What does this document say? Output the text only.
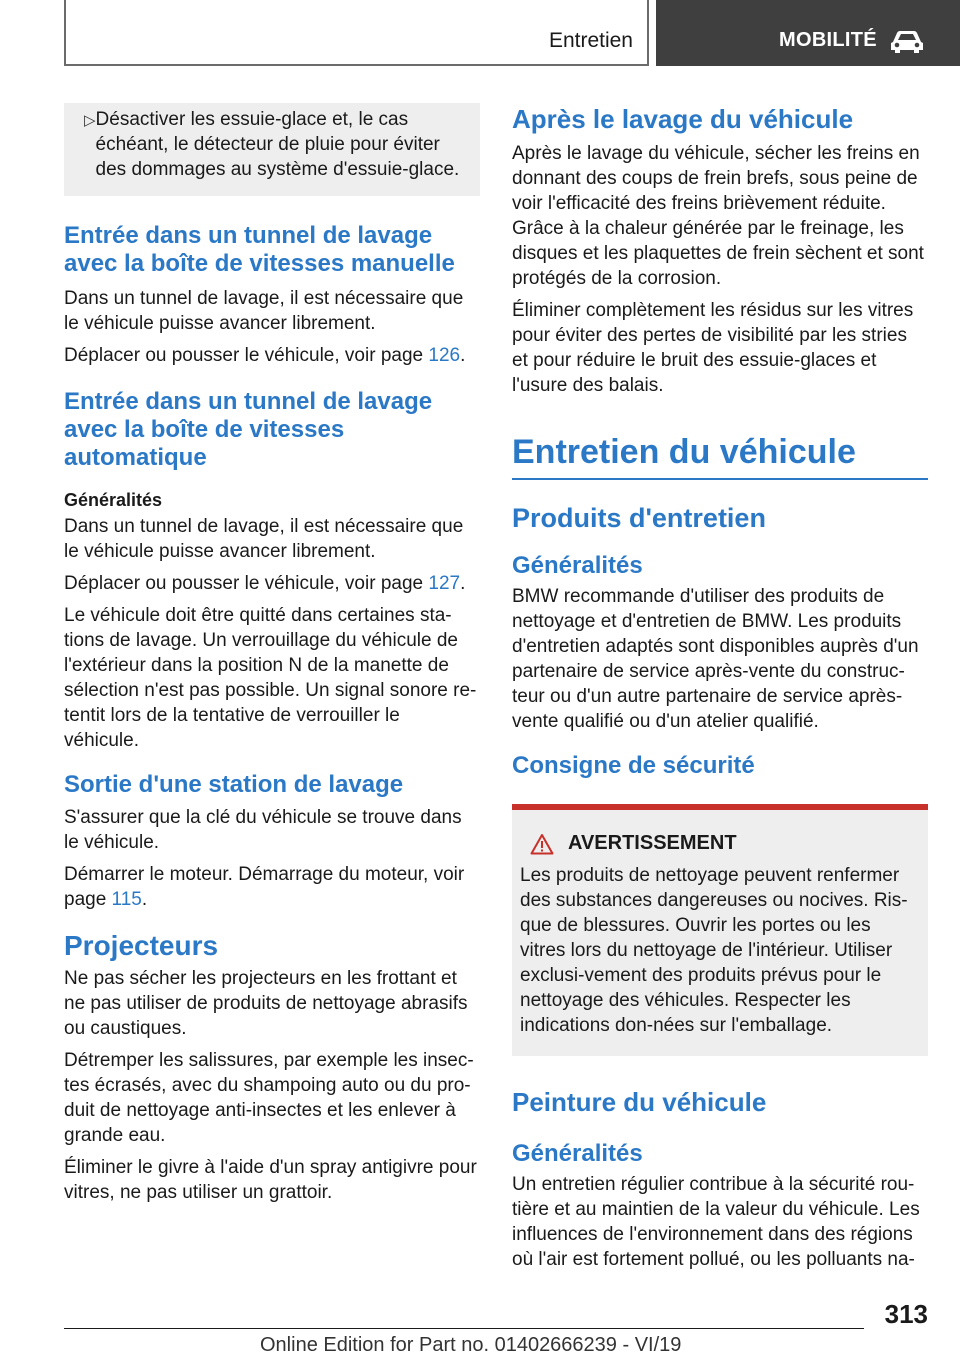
Entretien	MOBILITÉ
▷ Désactiver les essuie-glace et, le cas échéant, le détecteur de pluie pour éviter des dommages au système d'essuie-glace.

Entrée dans un tunnel de lavage avec la boîte de vitesses manuelle

Dans un tunnel de lavage, il est nécessaire que le véhicule puisse avancer librement.

Déplacer ou pousser le véhicule, voir page 126.

Entrée dans un tunnel de lavage avec la boîte de vitesses automatique
Généralités

Dans un tunnel de lavage, il est nécessaire que le véhicule puisse avancer librement.

Déplacer ou pousser le véhicule, voir page 127.

Le véhicule doit être quitté dans certaines sta-tions de lavage. Un verrouillage du véhicule de l'extérieur dans la position N de la manette de sélection n'est pas possible. Un signal sonore re-tentit lors de la tentative de verrouiller le véhicule.

Sortie d'une station de lavage

S'assurer que la clé du véhicule se trouve dans le véhicule.

Démarrer le moteur. Démarrage du moteur, voir page 115.

Projecteurs

Ne pas sécher les projecteurs en les frottant et ne pas utiliser de produits de nettoyage abrasifs ou caustiques.

Détremper les salissures, par exemple les insec-tes écrasés, avec du shampoing auto ou du pro-duit de nettoyage anti-insectes et les enlever à grande eau.

Éliminer le givre à l'aide d'un spray antigivre pour vitres, ne pas utiliser un grattoir.

Après le lavage du véhicule

Après le lavage du véhicule, sécher les freins en donnant des coups de frein brefs, sous peine de voir l'efficacité des freins brièvement réduite. Grâce à la chaleur générée par le freinage, les disques et les plaquettes de frein sèchent et sont protégés de la corrosion.

Éliminer complètement les résidus sur les vitres pour éviter des pertes de visibilité par les stries et pour réduire le bruit des essuie-glaces et l'usure des balais.

Entretien du véhicule
Produits d'entretien
Généralités

BMW recommande d'utiliser des produits de nettoyage et d'entretien de BMW. Les produits d'entretien adaptés sont disponibles auprès d'un partenaire de service après-vente du construc-teur ou d'un autre partenaire de service après-vente qualifié ou d'un atelier qualifié.

Consigne de sécurité
AVERTISSEMENT

Les produits de nettoyage peuvent renfermer des substances dangereuses ou nocives. Ris-que de blessures. Ouvrir les portes ou les vitres lors du nettoyage de l'intérieur. Utiliser exclusi-vement des produits prévus pour le nettoyage des véhicules. Respecter les indications don-nées sur l'emballage.

Peinture du véhicule
Généralités

Un entretien régulier contribue à la sécurité rou-tière et au maintien de la valeur du véhicule. Les influences de l'environnement dans des régions où l'air est fortement pollué, ou les polluants na-

313
Online Edition for Part no. 01402666239 - VI/19
